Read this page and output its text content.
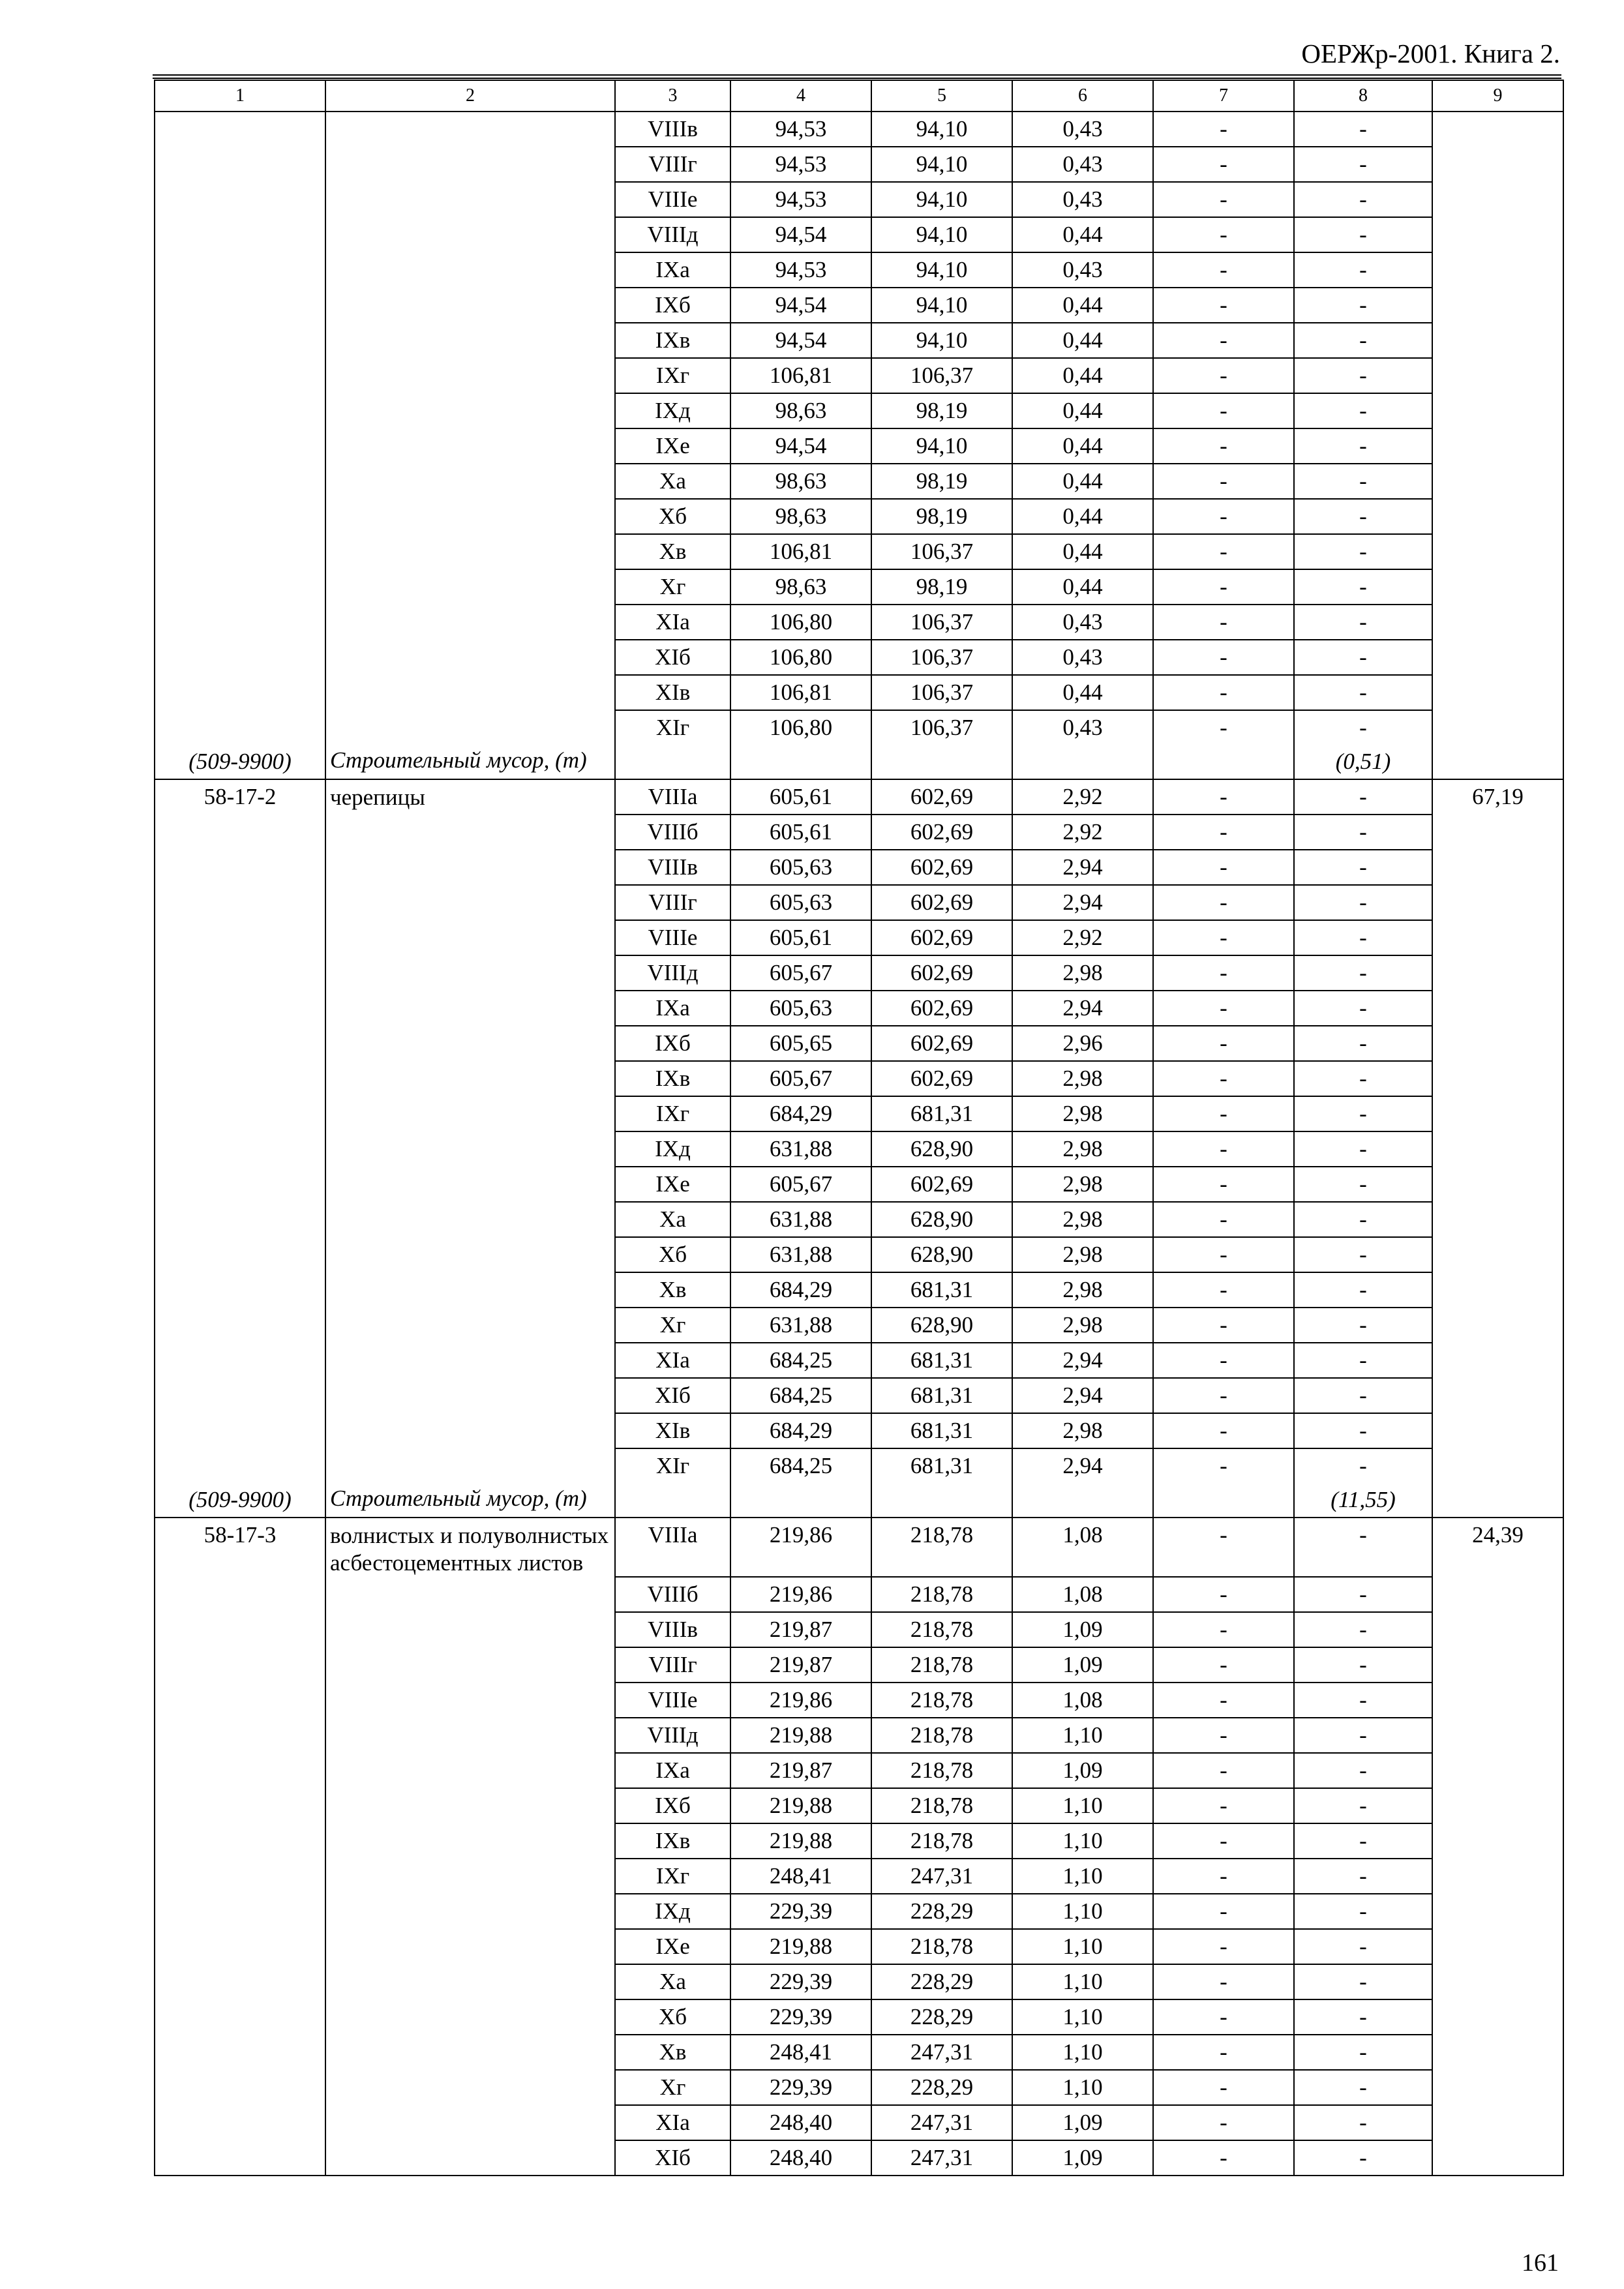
ОЕРЖр-2001. Книга 2.
1	2	3	4	5	6	7	8	9
		VIIIв	94,53	94,10	0,43	-	-	
		VIIIг	94,53	94,10	0,43	-	-	
		VIIIе	94,53	94,10	0,43	-	-	
		VIIIд	94,54	94,10	0,44	-	-	
		IXа	94,53	94,10	0,43	-	-	
		IXб	94,54	94,10	0,44	-	-	
		IXв	94,54	94,10	0,44	-	-	
		IXг	106,81	106,37	0,44	-	-	
		IXд	98,63	98,19	0,44	-	-	
		IXе	94,54	94,10	0,44	-	-	
		Xа	98,63	98,19	0,44	-	-	
		Xб	98,63	98,19	0,44	-	-	
		Xв	106,81	106,37	0,44	-	-	
		Xг	98,63	98,19	0,44	-	-	
		XIа	106,80	106,37	0,43	-	-	
		XIб	106,80	106,37	0,43	-	-	
		XIв	106,81	106,37	0,44	-	-	
		XIг	106,80	106,37	0,43	-	-	
(509-9900)	Строительный мусор, (т)						(0,51)	
58-17-2	черепицы	VIIIа	605,61	602,69	2,92	-	-	67,19
		VIIIб	605,61	602,69	2,92	-	-	
		VIIIв	605,63	602,69	2,94	-	-	
		VIIIг	605,63	602,69	2,94	-	-	
		VIIIе	605,61	602,69	2,92	-	-	
		VIIIд	605,67	602,69	2,98	-	-	
		IXа	605,63	602,69	2,94	-	-	
		IXб	605,65	602,69	2,96	-	-	
		IXв	605,67	602,69	2,98	-	-	
		IXг	684,29	681,31	2,98	-	-	
		IXд	631,88	628,90	2,98	-	-	
		IXе	605,67	602,69	2,98	-	-	
		Xа	631,88	628,90	2,98	-	-	
		Xб	631,88	628,90	2,98	-	-	
		Xв	684,29	681,31	2,98	-	-	
		Xг	631,88	628,90	2,98	-	-	
		XIа	684,25	681,31	2,94	-	-	
		XIб	684,25	681,31	2,94	-	-	
		XIв	684,29	681,31	2,98	-	-	
		XIг	684,25	681,31	2,94	-	-	
(509-9900)	Строительный мусор, (т)						(11,55)	
58-17-3	волнистых и полуволнистых асбестоцементных листов	VIIIа	219,86	218,78	1,08	-	-	24,39
		VIIIб	219,86	218,78	1,08	-	-	
		VIIIв	219,87	218,78	1,09	-	-	
		VIIIг	219,87	218,78	1,09	-	-	
		VIIIе	219,86	218,78	1,08	-	-	
		VIIIд	219,88	218,78	1,10	-	-	
		IXа	219,87	218,78	1,09	-	-	
		IXб	219,88	218,78	1,10	-	-	
		IXв	219,88	218,78	1,10	-	-	
		IXг	248,41	247,31	1,10	-	-	
		IXд	229,39	228,29	1,10	-	-	
		IXе	219,88	218,78	1,10	-	-	
		Xа	229,39	228,29	1,10	-	-	
		Xб	229,39	228,29	1,10	-	-	
		Xв	248,41	247,31	1,10	-	-	
		Xг	229,39	228,29	1,10	-	-	
		XIа	248,40	247,31	1,09	-	-	
		XIб	248,40	247,31	1,09	-	-	
161
